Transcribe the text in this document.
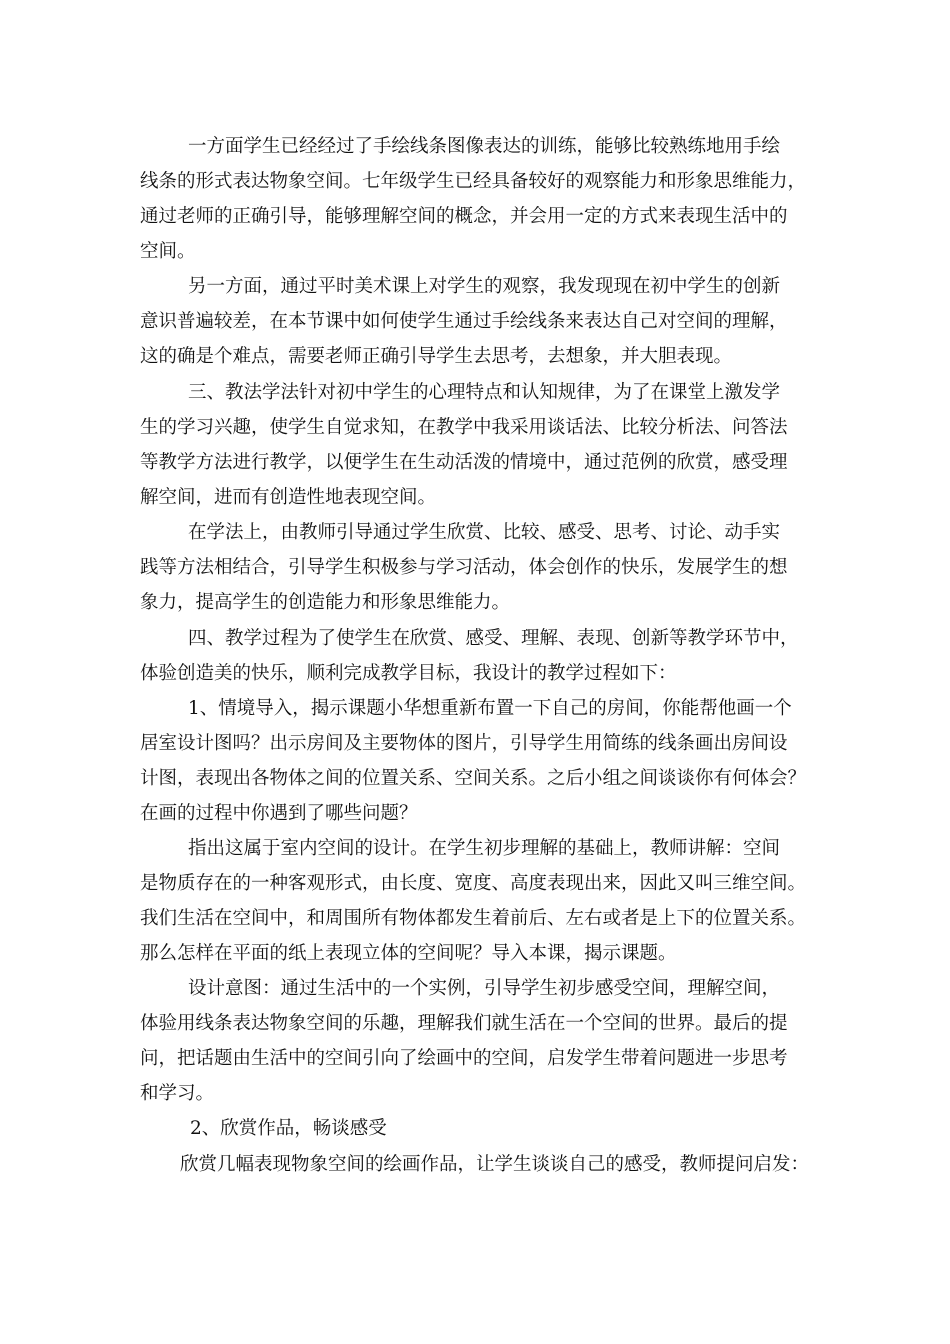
一方面学生已经经过了手绘线条图像表达的训练，能够比较熟练地用手绘
线条的形式表达物象空间。七年级学生已经具备较好的观察能力和形象思维能力，
通过老师的正确引导，能够理解空间的概念，并会用一定的方式来表现生活中的
空间。
另一方面，通过平时美术课上对学生的观察，我发现现在初中学生的创新
意识普遍较差，在本节课中如何使学生通过手绘线条来表达自己对空间的理解，
这的确是个难点，需要老师正确引导学生去思考，去想象，并大胆表现。
三、教法学法针对初中学生的心理特点和认知规律，为了在课堂上激发学
生的学习兴趣，使学生自觉求知，在教学中我采用谈话法、比较分析法、问答法
等教学方法进行教学，以便学生在生动活泼的情境中，通过范例的欣赏，感受理
解空间，进而有创造性地表现空间。
在学法上，由教师引导通过学生欣赏、比较、感受、思考、讨论、动手实
践等方法相结合，引导学生积极参与学习活动，体会创作的快乐，发展学生的想
象力，提高学生的创造能力和形象思维能力。
四、教学过程为了使学生在欣赏、感受、理解、表现、创新等教学环节中，
体验创造美的快乐，顺利完成教学目标，我设计的教学过程如下：
1、情境导入，揭示课题小华想重新布置一下自己的房间，你能帮他画一个
居室设计图吗？出示房间及主要物体的图片，引导学生用简练的线条画出房间设
计图，表现出各物体之间的位置关系、空间关系。之后小组之间谈谈你有何体会？
在画的过程中你遇到了哪些问题？
指出这属于室内空间的设计。在学生初步理解的基础上，教师讲解：空间
是物质存在的一种客观形式，由长度、宽度、高度表现出来，因此又叫三维空间。
我们生活在空间中，和周围所有物体都发生着前后、左右或者是上下的位置关系。
那么怎样在平面的纸上表现立体的空间呢？导入本课，揭示课题。
设计意图：通过生活中的一个实例，引导学生初步感受空间，理解空间，
体验用线条表达物象空间的乐趣，理解我们就生活在一个空间的世界。最后的提
问，把话题由生活中的空间引向了绘画中的空间，启发学生带着问题进一步思考
和学习。
2、欣赏作品，畅谈感受
欣赏几幅表现物象空间的绘画作品，让学生谈谈自己的感受，教师提问启发：
